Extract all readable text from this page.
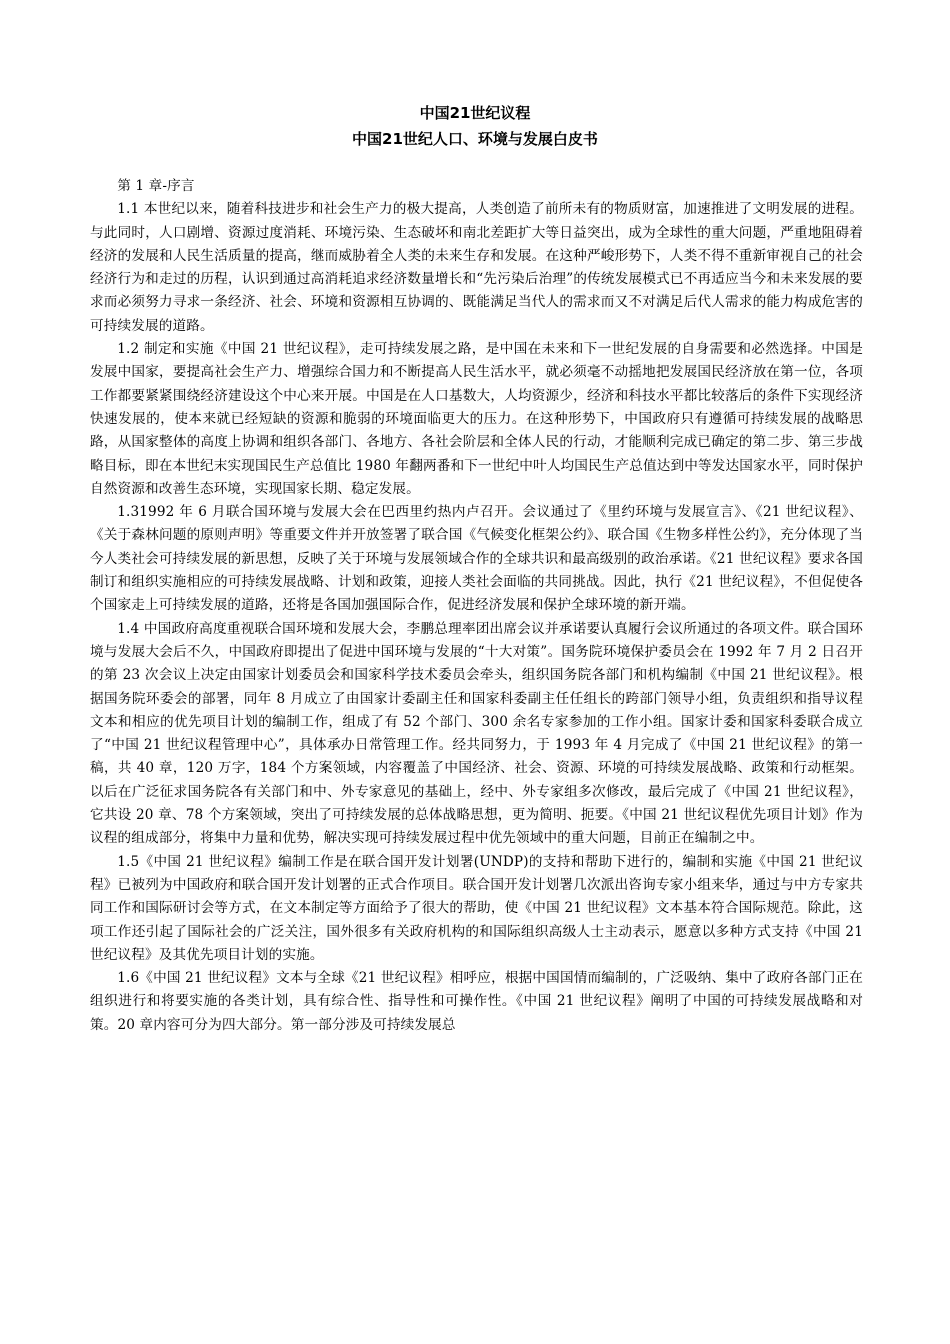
中国21世纪议程

中国21世纪人口、环境与发展白皮书

第 1 章-序言

1.1 本世纪以来，随着科技进步和社会生产力的极大提高，人类创造了前所未有的物质财富，加速推进了文明发展的进程。与此同时，人口剧增、资源过度消耗、环境污染、生态破坏和南北差距扩大等日益突出，成为全球性的重大问题，严重地阻碍着经济的发展和人民生活质量的提高，继而威胁着全人类的未来生存和发展。在这种严峻形势下，人类不得不重新审视自己的社会经济行为和走过的历程，认识到通过高消耗追求经济数量增长和“先污染后治理”的传统发展模式已不再适应当今和未来发展的要求而必须努力寻求一条经济、社会、环境和资源相互协调的、既能满足当代人的需求而又不对满足后代人需求的能力构成危害的可持续发展的道路。

1.2 制定和实施《中国 21 世纪议程》，走可持续发展之路，是中国在未来和下一世纪发展的自身需要和必然选择。中国是发展中国家，要提高社会生产力、增强综合国力和不断提高人民生活水平，就必须毫不动摇地把发展国民经济放在第一位，各项工作都要紧紧围绕经济建设这个中心来开展。中国是在人口基数大，人均资源少，经济和科技水平都比较落后的条件下实现经济快速发展的，使本来就已经短缺的资源和脆弱的环境面临更大的压力。在这种形势下，中国政府只有遵循可持续发展的战略思路，从国家整体的高度上协调和组织各部门、各地方、各社会阶层和全体人民的行动，才能顺利完成已确定的第二步、第三步战略目标，即在本世纪末实现国民生产总值比 1980 年翻两番和下一世纪中叶人均国民生产总值达到中等发达国家水平，同时保护自然资源和改善生态环境，实现国家长期、稳定发展。

1.31992 年 6 月联合国环境与发展大会在巴西里约热内卢召开。会议通过了《里约环境与发展宣言》、《21 世纪议程》、《关于森林问题的原则声明》等重要文件并开放签署了联合国《气候变化框架公约》、联合国《生物多样性公约》，充分体现了当今人类社会可持续发展的新思想，反映了关于环境与发展领域合作的全球共识和最高级别的政治承诺。《21 世纪议程》要求各国制订和组织实施相应的可持续发展战略、计划和政策，迎接人类社会面临的共同挑战。因此，执行《21 世纪议程》，不但促使各个国家走上可持续发展的道路，还将是各国加强国际合作，促进经济发展和保护全球环境的新开端。

1.4 中国政府高度重视联合国环境和发展大会，李鹏总理率团出席会议并承诺要认真履行会议所通过的各项文件。联合国环境与发展大会后不久，中国政府即提出了促进中国环境与发展的“十大对策”。国务院环境保护委员会在 1992 年 7 月 2 日召开的第 23 次会议上决定由国家计划委员会和国家科学技术委员会牵头，组织国务院各部门和机构编制《中国 21 世纪议程》。根据国务院环委会的部署，同年 8 月成立了由国家计委副主任和国家科委副主任任组长的跨部门领导小组，负责组织和指导议程文本和相应的优先项目计划的编制工作，组成了有 52 个部门、300 余名专家参加的工作小组。国家计委和国家科委联合成立了“中国 21 世纪议程管理中心”，具体承办日常管理工作。经共同努力，于 1993 年 4 月完成了《中国 21 世纪议程》的第一稿，共 40 章，120 万字，184 个方案领域，内容覆盖了中国经济、社会、资源、环境的可持续发展战略、政策和行动框架。以后在广泛征求国务院各有关部门和中、外专家意见的基础上，经中、外专家组多次修改，最后完成了《中国 21 世纪议程》，它共设 20 章、78 个方案领域，突出了可持续发展的总体战略思想，更为简明、扼要。《中国 21 世纪议程优先项目计划》作为议程的组成部分，将集中力量和优势，解决实现可持续发展过程中优先领域中的重大问题，目前正在编制之中。

1.5《中国 21 世纪议程》编制工作是在联合国开发计划署(UNDP)的支持和帮助下进行的，编制和实施《中国 21 世纪议程》已被列为中国政府和联合国开发计划署的正式合作项目。联合国开发计划署几次派出咨询专家小组来华，通过与中方专家共同工作和国际研讨会等方式，在文本制定等方面给予了很大的帮助，使《中国 21 世纪议程》文本基本符合国际规范。除此，这项工作还引起了国际社会的广泛关注，国外很多有关政府机构的和国际组织高级人士主动表示，愿意以多种方式支持《中国 21 世纪议程》及其优先项目计划的实施。

1.6《中国 21 世纪议程》文本与全球《21 世纪议程》相呼应，根据中国国情而编制的，广泛吸纳、集中了政府各部门正在组织进行和将要实施的各类计划，具有综合性、指导性和可操作性。《中国 21 世纪议程》阐明了中国的可持续发展战略和对策。20 章内容可分为四大部分。第一部分涉及可持续发展总
